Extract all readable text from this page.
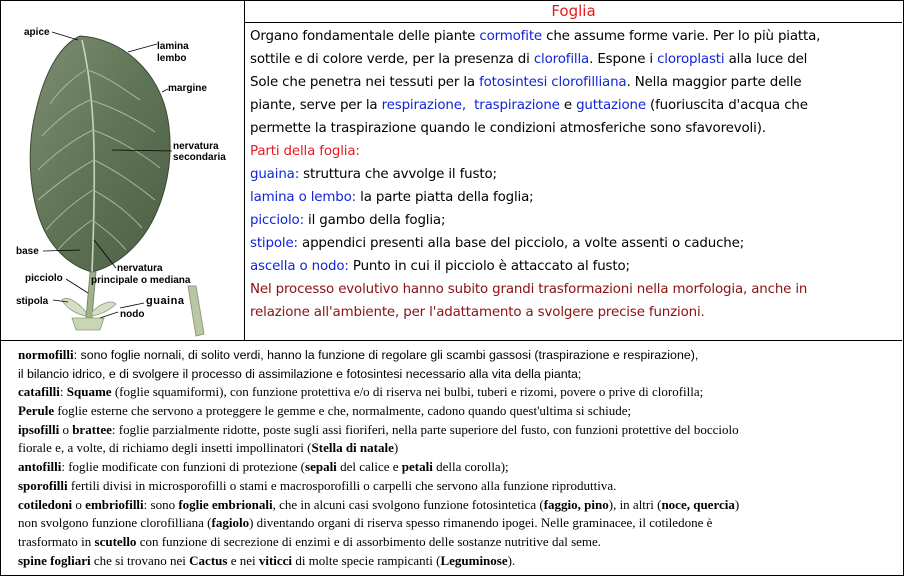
apice
lamina
lembo
margine
nervatura
secondaria
base
nervatura
principale o mediana
picciolo
stipola	guaina
nodo
Foglia
Organo fondamentale delle piante cormofite che assume forme varie. Per lo più piatta,
sottile e di colore verde, per la presenza di clorofilla. Espone i cloroplasti alla luce del
Sole che penetra nei tessuti per la fotosintesi clorofilliana. Nella maggior parte delle
piante, serve per la respirazione, traspirazione e guttazione (fuoriuscita d'acqua che
permette la traspirazione quando le condizioni atmosferiche sono sfavorevoli).
Parti della foglia:
guaina: struttura che avvolge il fusto;
lamina o lembo: la parte piatta della foglia;
picciolo: il gambo della foglia;
stipole: appendici presenti alla base del picciolo, a volte assenti o caduche;
ascella o nodo: Punto in cui il picciolo è attaccato al fusto;
Nel processo evolutivo hanno subito grandi trasformazioni nella morfologia, anche in
relazione all'ambiente, per l'adattamento a svolgere precise funzioni.
normofilli: sono foglie nornali, di solito verdi, hanno la funzione di regolare gli scambi gassosi (traspirazione e respirazione),
il bilancio idrico, e di svolgere il processo di assimilazione e fotosintesi necessario alla vita della pianta;
catafilli: Squame (foglie squamiformi), con funzione protettiva e/o di riserva nei bulbi, tuberi e rizomi, povere o prive di clorofilla;
Perule foglie esterne che servono a proteggere le gemme e che, normalmente, cadono quando quest'ultima si schiude;
ipsofilli o brattee: foglie parzialmente ridotte, poste sugli assi fioriferi, nella parte superiore del fusto, con funzioni protettive del bocciolo
fiorale e, a volte, di richiamo degli insetti impollinatori (Stella di natale)
antofilli: foglie modificate con funzioni di protezione (sepali del calice e petali della corolla);
sporofilli fertili divisi in microsporofilli o stami e macrosporofilli o carpelli che servono alla funzione riproduttiva.
cotiledoni o embriofilli: sono foglie embrionali, che in alcuni casi svolgono funzione fotosintetica (faggio, pino), in altri (noce, quercia)
non svolgono funzione clorofilliana (fagiolo) diventando organi di riserva spesso rimanendo ipogei. Nelle graminacee, il cotiledone è
trasformato in scutello con funzione di secrezione di enzimi e di assorbimento delle sostanze nutritive dal seme.
spine fogliari che si trovano nei Cactus e nei viticci di molte specie rampicanti (Leguminose).
